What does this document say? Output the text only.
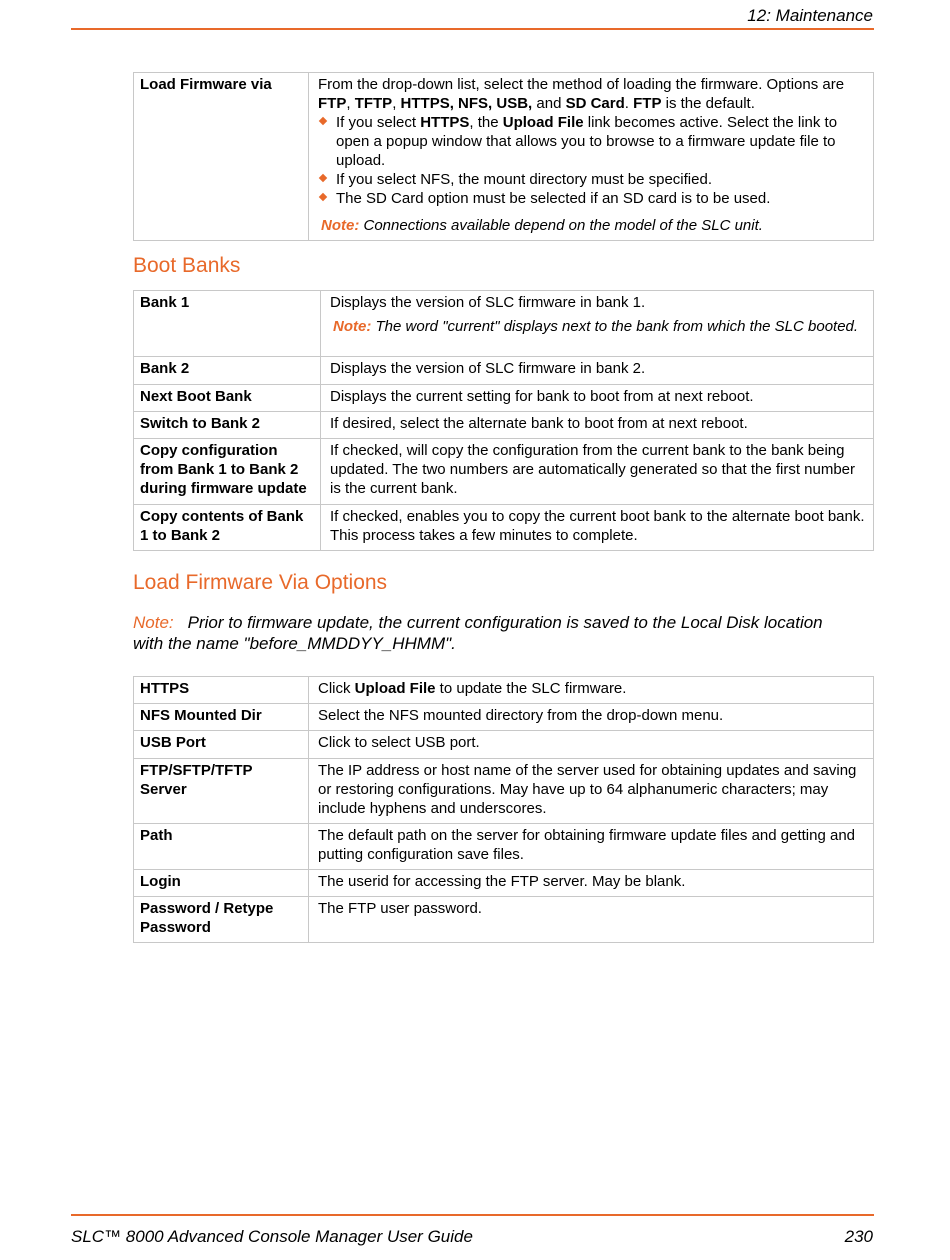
12: Maintenance
Load Firmware via	From the drop-down list, select the method of loading the firmware. Options are FTP, TFTP, HTTPS, NFS, USB, and SD Card. FTP is the default.
If you select HTTPS, the Upload File link becomes active. Select the link to open a popup window that allows you to browse to a firmware update file to upload.
If you select NFS, the mount directory must be specified.
The SD Card option must be selected if an SD card is to be used.
Note: Connections available depend on the model of the SLC unit.
Boot Banks
Bank 1	Displays the version of SLC firmware in bank 1.
Note: The word "current" displays next to the bank from which the SLC booted.

Bank 2	Displays the version of SLC firmware in bank 2.
Next Boot Bank	Displays the current setting for bank to boot from at next reboot.
Switch to Bank 2	If desired, select the alternate bank to boot from at next reboot.
Copy configuration from Bank 1 to Bank 2 during firmware update	If checked, will copy the configuration from the current bank to the bank being updated. The two numbers are automatically generated so that the first number is the current bank.
Copy contents of Bank 1 to Bank 2	If checked, enables you to copy the current boot bank to the alternate boot bank. This process takes a few minutes to complete.
Load Firmware Via Options
Note: Prior to firmware update, the current configuration is saved to the Local Disk location with the name "before_MMDDYY_HHMM".
HTTPS	Click Upload File to update the SLC firmware.
NFS Mounted Dir	Select the NFS mounted directory from the drop-down menu.
USB Port	Click to select USB port.
FTP/SFTP/TFTP Server	The IP address or host name of the server used for obtaining updates and saving or restoring configurations. May have up to 64 alphanumeric characters; may include hyphens and underscores.
Path	The default path on the server for obtaining firmware update files and getting and putting configuration save files.
Login	The userid for accessing the FTP server. May be blank.
Password / Retype Password	The FTP user password.
SLC™ 8000 Advanced Console Manager User Guide	230
